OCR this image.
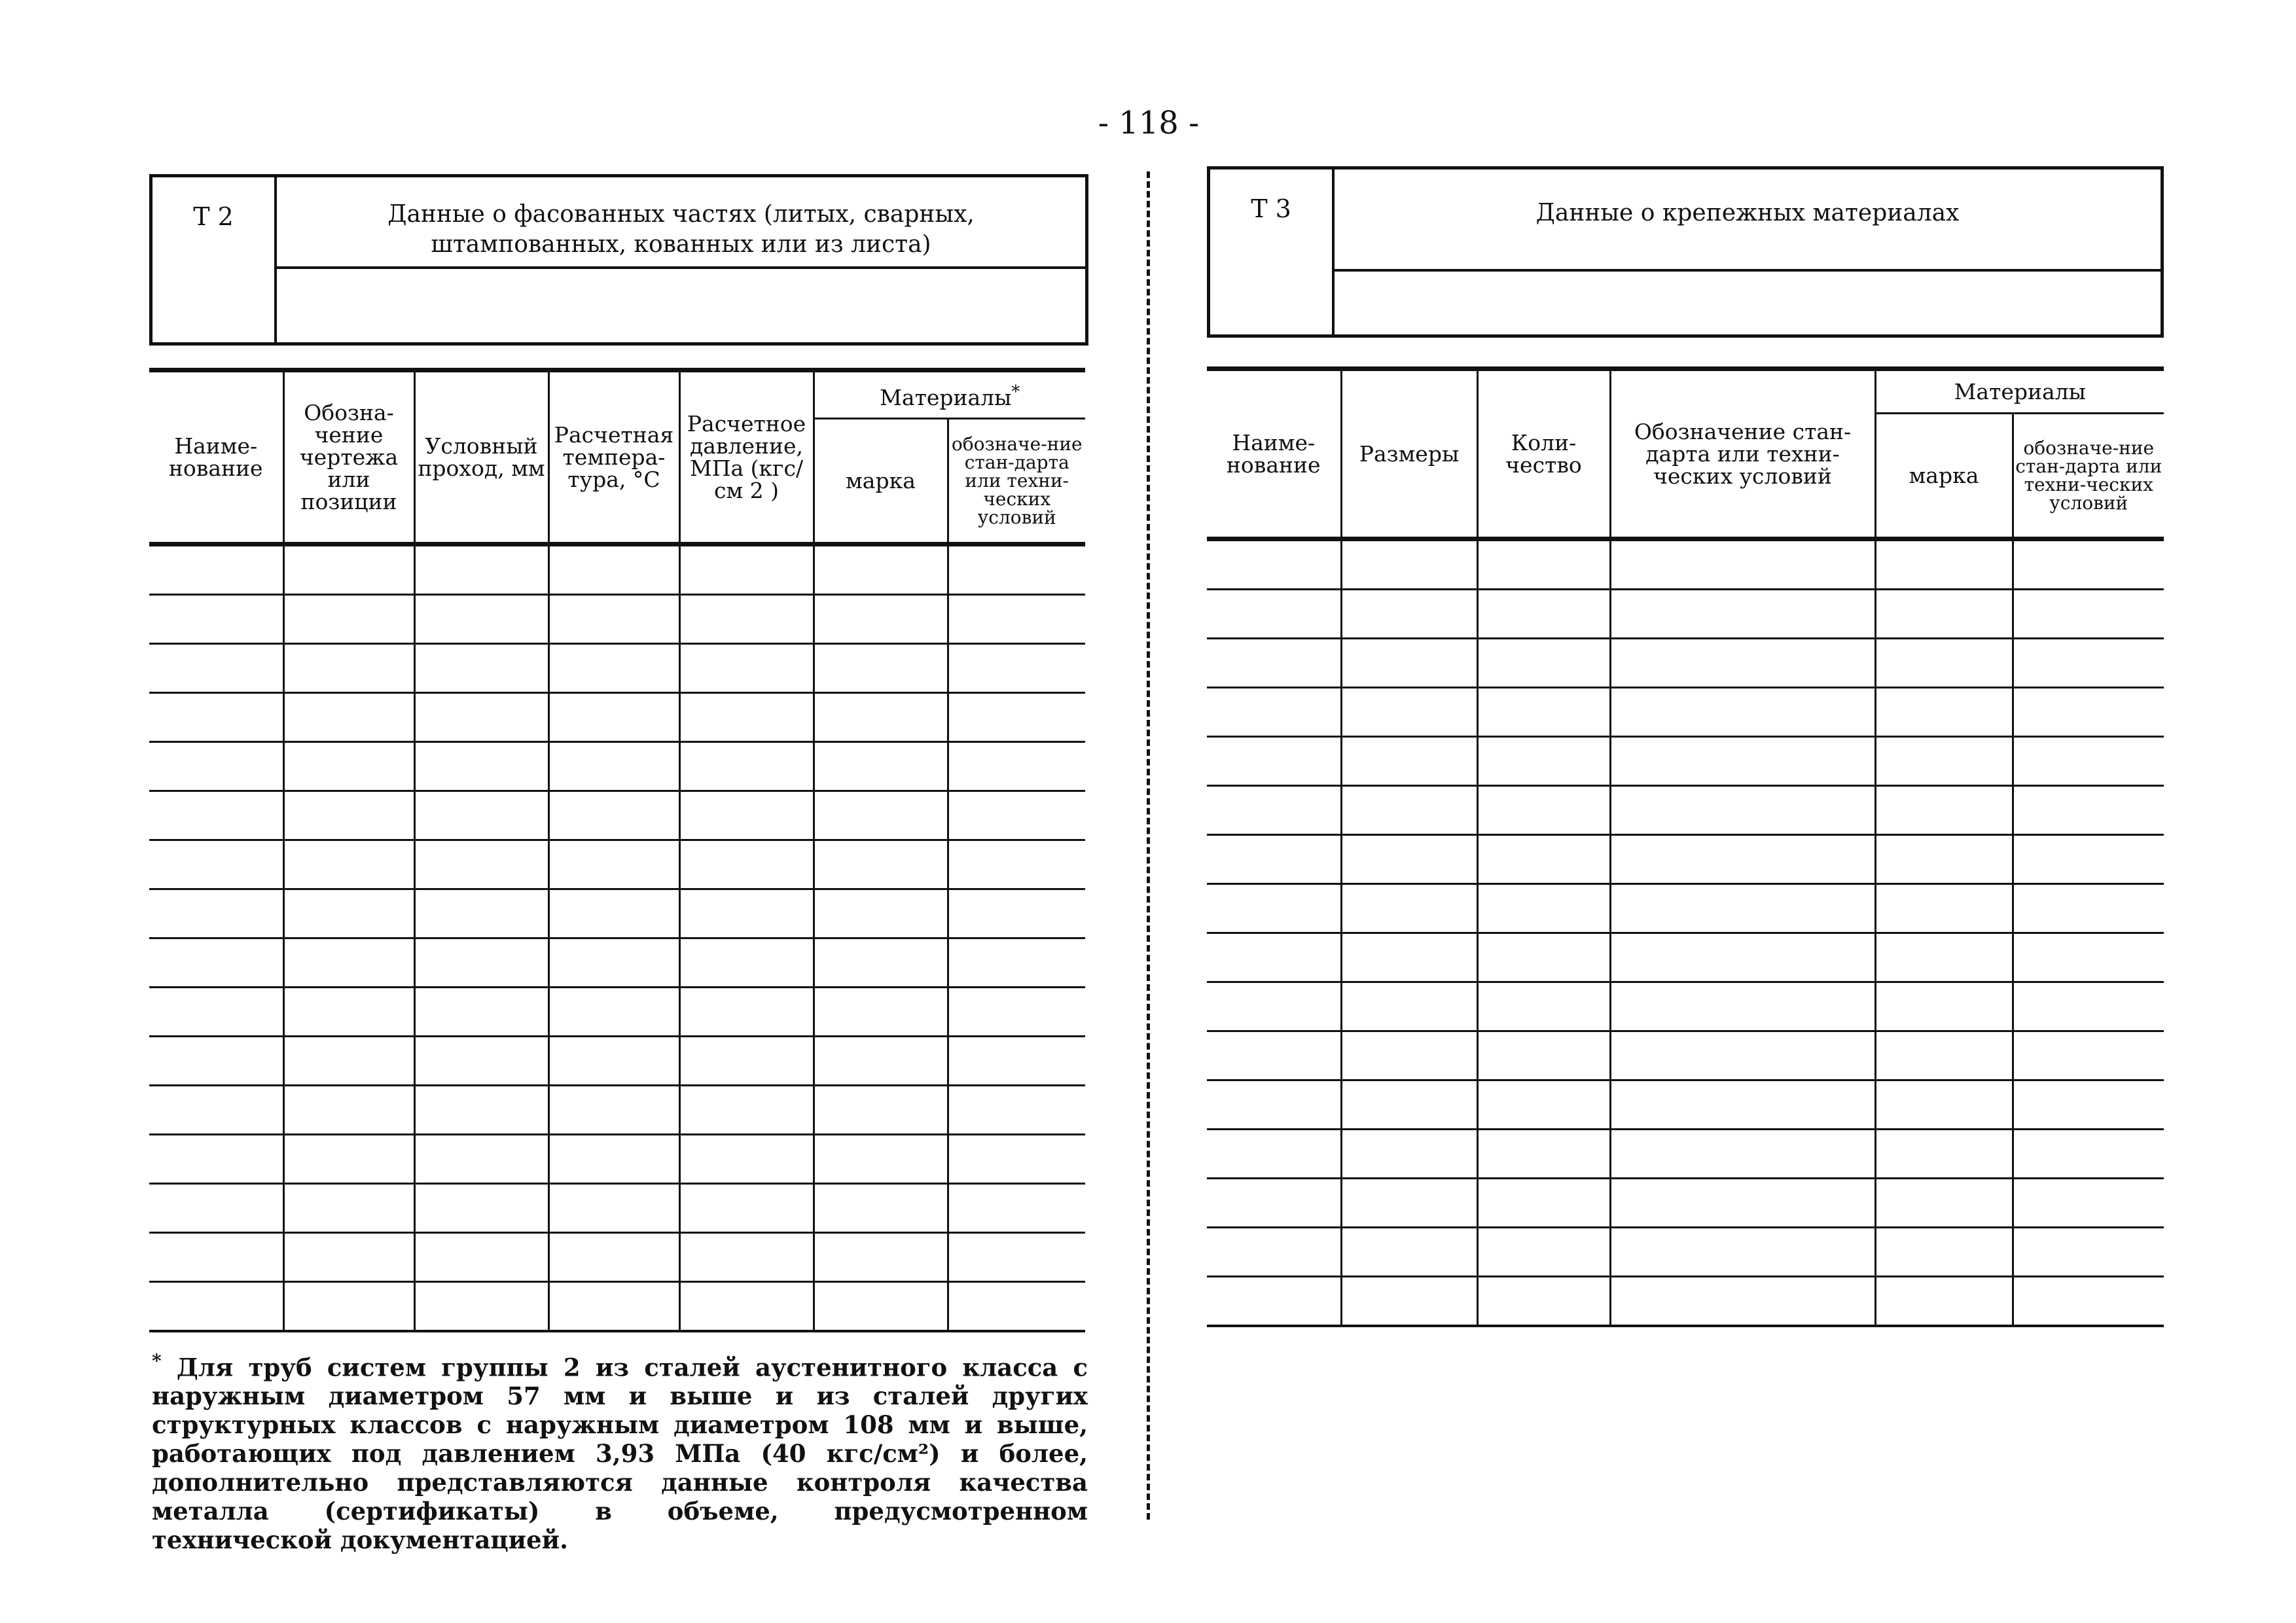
- 118 -
Т 2	Данные о фасованных частях (литых, сварных, штампованных, кованных или из листа)
Наиме-нование	Обозна-чение чертежа или позиции	Условный проход, мм	Расчетная темпера-тура, °С	Расчетное давление, МПа (кгс/см 2 )	Материалы*
					марка	обозначе-ние стан-дарта или техни-ческих условий

* Для труб систем группы 2 из сталей аустенитного класса с наружным диаметром 57 мм и выше и из сталей других структурных классов с наружным диаметром 108 мм и выше, работающих под давлением 3,93 МПа (40 кгс/см²) и более, дополнительно представляются данные контроля качества металла (сертификаты) в объеме, предусмотренном технической документацией.
Т 3	Данные о крепежных материалах
Наиме-нование	Размеры	Коли-чество	Обозначение стан-дарта или техни-ческих условий	Материалы	
				марка	обозначе-ние стан-дарта или техни-ческих условий
